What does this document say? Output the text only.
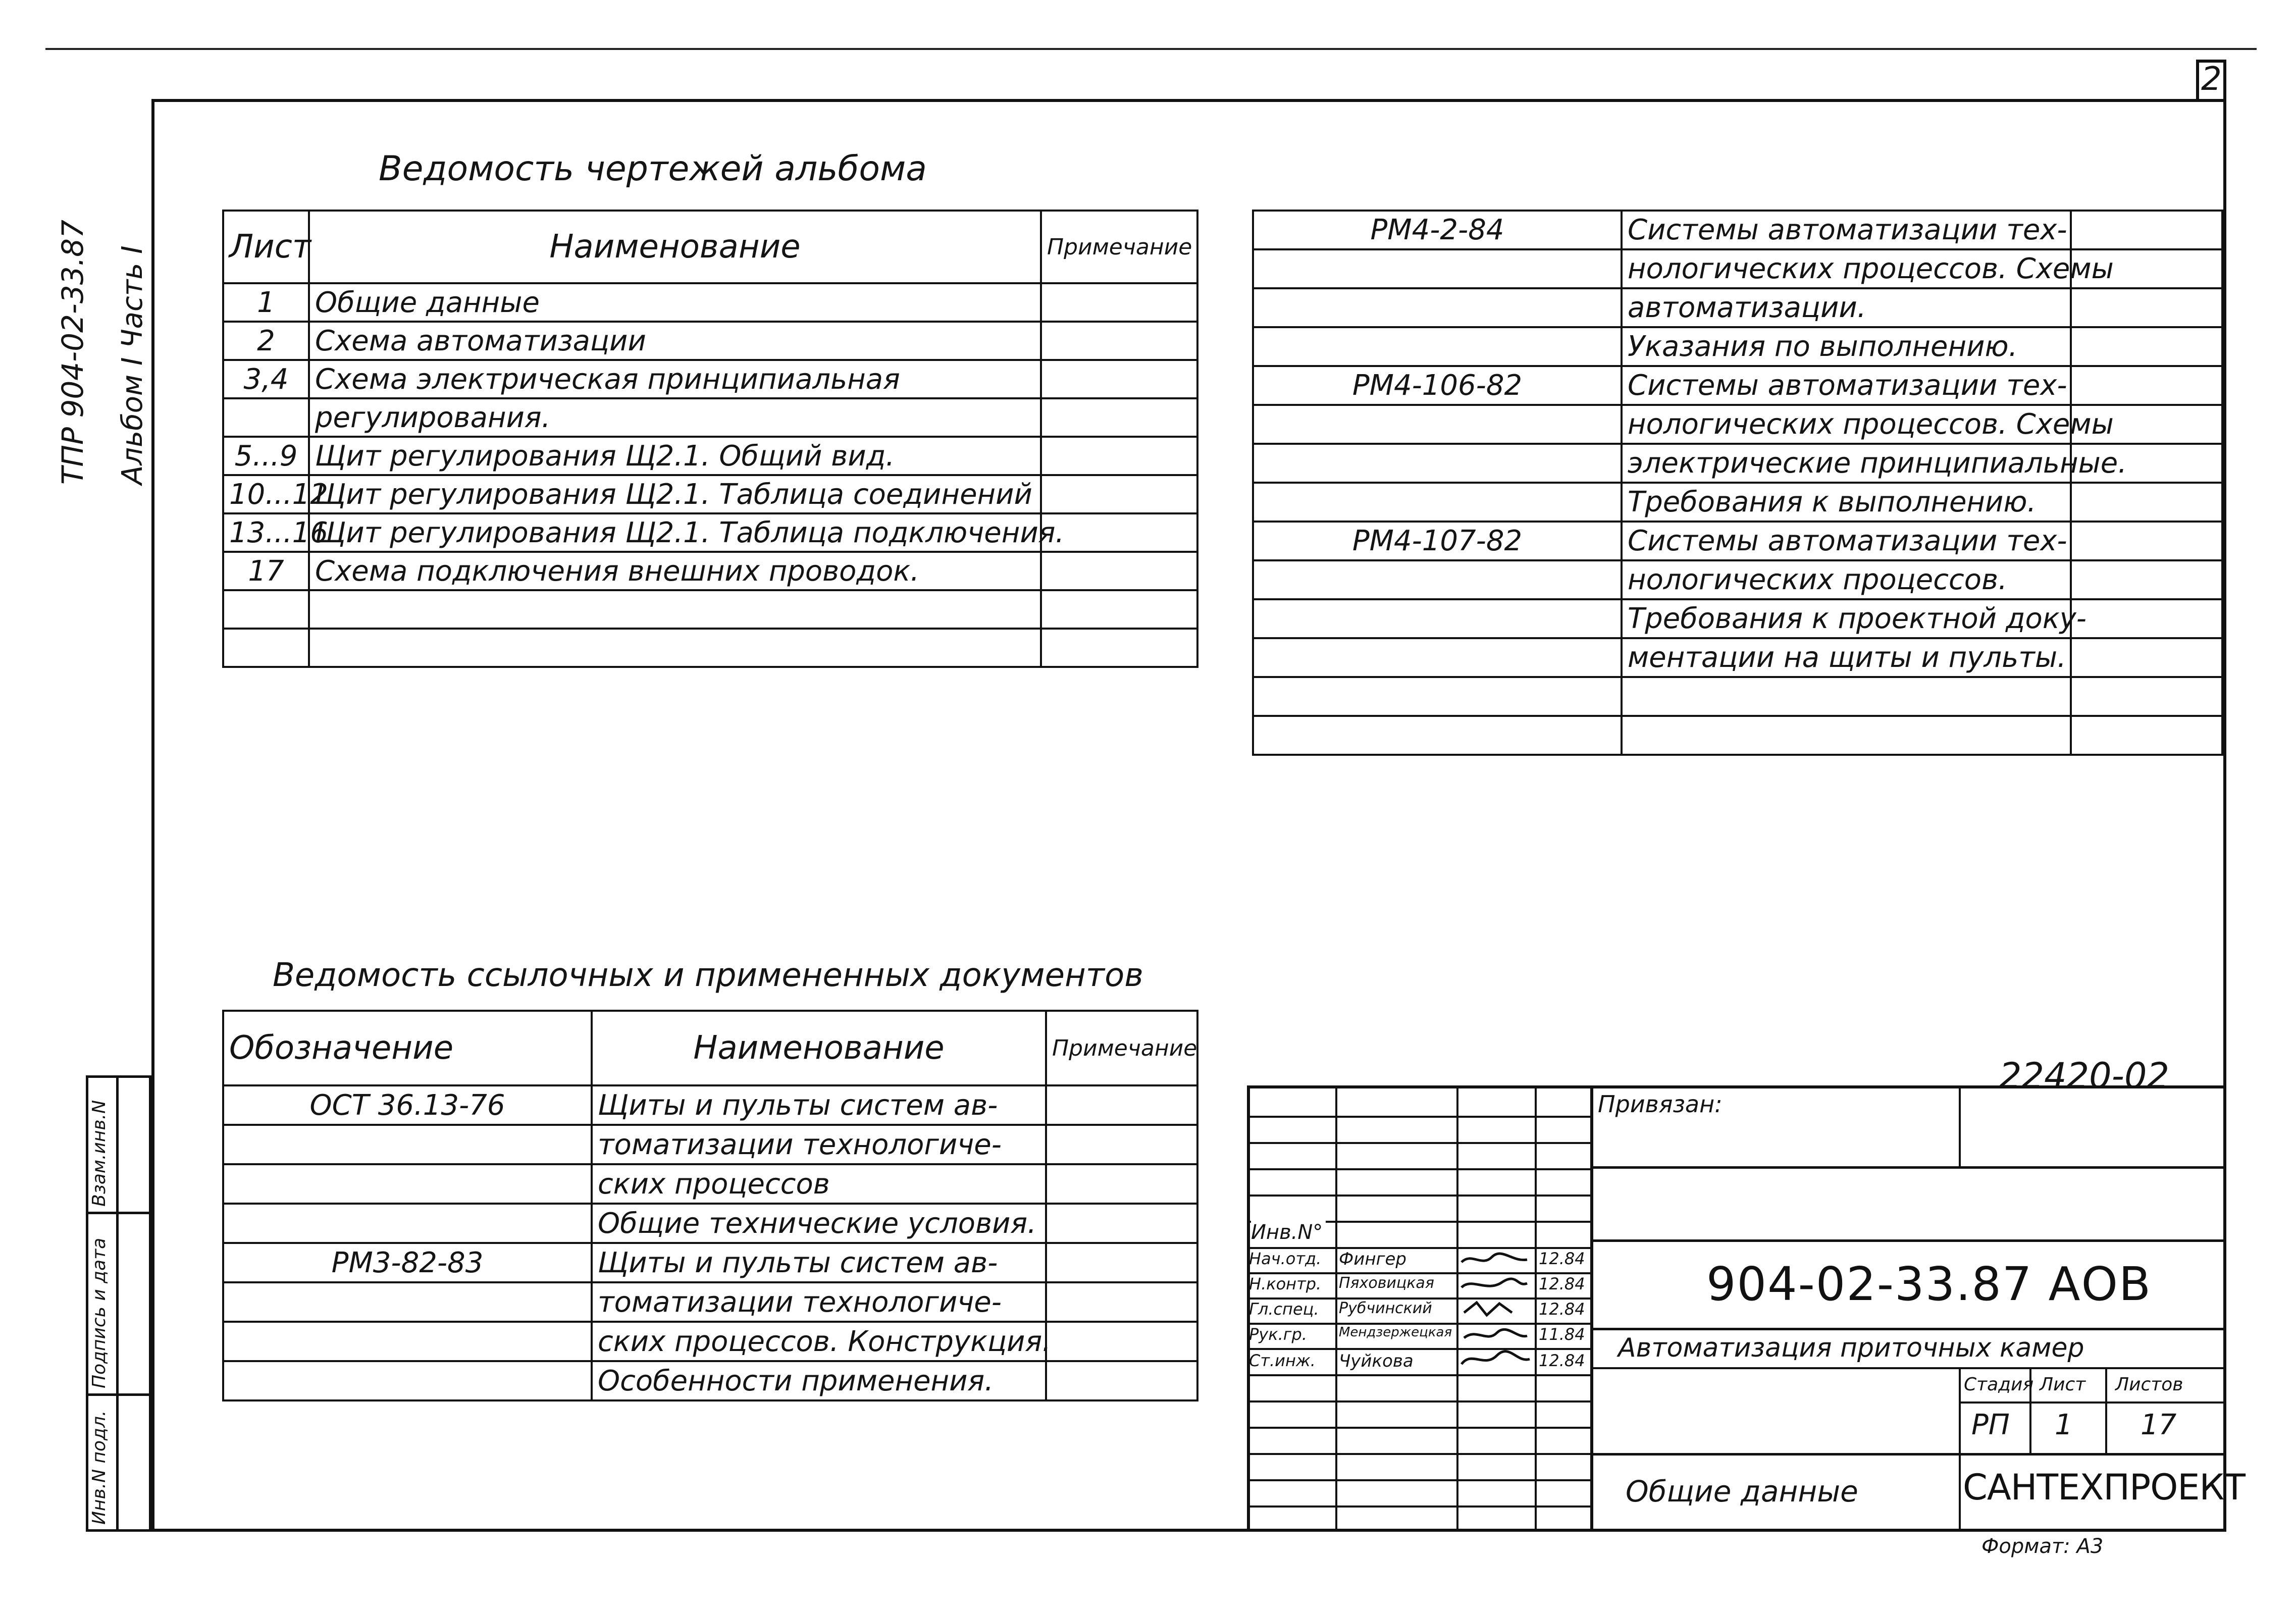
2
ТПР 904-02-33.87 Альбом I Часть I
Взам.инв.N
Подпись и дата
Инв.N подл.
Ведомость чертежей альбома
Лист	Наименование	Примечание
1	Общие данные	
2	Схема автоматизации	
3,4	Схема электрическая принципиальная	
	регулирования.	
5...9	Щит регулирования Щ2.1. Общий вид.	
10...12	Щит регулирования Щ2.1. Таблица соединений	
13...16	Щит регулирования Щ2.1. Таблица подключения.	
17	Схема подключения внешних проводок.	

РМ4-2-84	Системы автоматизации тех-	
	нологических процессов. Схемы	
	автоматизации.	
	Указания по выполнению.	
РМ4-106-82	Системы автоматизации тех-	
	нологических процессов. Схемы	
	электрические принципиальные.	
	Требования к выполнению.	
РМ4-107-82	Системы автоматизации тех-	
	нологических процессов.	
	Требования к проектной доку-	
	ментации на щиты и пульты.	

Ведомость ссылочных и примененных документов
Обозначение	Наименование	Примечание
ОСТ 36.13-76	Щиты и пульты систем ав-	
	томатизации технологиче-	
	ских процессов	
	Общие технические условия.	
РМ3-82-83	Щиты и пульты систем ав-	
	томатизации технологиче-	
	ских процессов. Конструкция.	
	Особенности применения.	
22420-02
Инв.N°
Нач.отд. Фингер	12.84
Н.контр. Пяховицкая	12.84
Гл.спец. Рубчинский	12.84
Рук.гр. Мендзержецкая	11.84
Ст.инж. Чуйкова	12.84
Привязан:
904-02-33.87 АОВ
Автоматизация приточных камер
Стадия Лист Листов
РП 1 17
Общие данные	САНТЕХПРОЕКТ
Формат: А3
